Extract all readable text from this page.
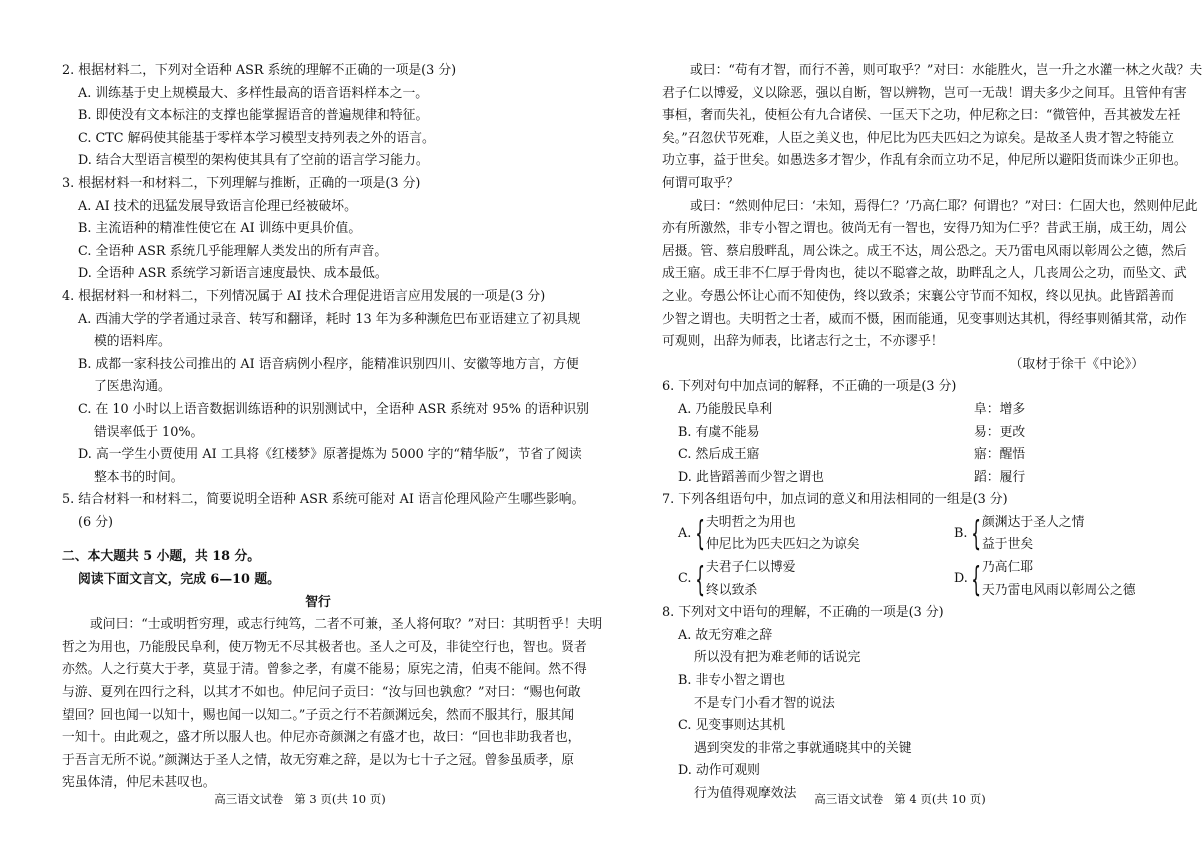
2. 根据材料二，下列对全语种 ASR 系统的理解不正确的一项是(3 分)
A. 训练基于史上规模最大、多样性最高的语音语料样本之一。
B. 即使没有文本标注的支撑也能掌握语音的普遍规律和特征。
C. CTC 解码使其能基于零样本学习模型支持列表之外的语言。
D. 结合大型语言模型的架构使其具有了空前的语言学习能力。
3. 根据材料一和材料二，下列理解与推断，正确的一项是(3 分)
A. AI 技术的迅猛发展导致语言伦理已经被破坏。
B. 主流语种的精准性使它在 AI 训练中更具价值。
C. 全语种 ASR 系统几乎能理解人类发出的所有声音。
D. 全语种 ASR 系统学习新语言速度最快、成本最低。
4. 根据材料一和材料二，下列情况属于 AI 技术合理促进语言应用发展的一项是(3 分)
A. 西浦大学的学者通过录音、转写和翻译，耗时 13 年为多种濒危巴布亚语建立了初具规
模的语料库。
B. 成都一家科技公司推出的 AI 语音病例小程序，能精准识别四川、安徽等地方言，方便
了医患沟通。
C. 在 10 小时以上语音数据训练语种的识别测试中，全语种 ASR 系统对 95% 的语种识别
错误率低于 10%。
D. 高一学生小贾使用 AI 工具将《红楼梦》原著提炼为 5000 字的“精华版”，节省了阅读
整本书的时间。
5. 结合材料一和材料二，简要说明全语种 ASR 系统可能对 AI 语言伦理风险产生哪些影响。
(6 分)
二、本大题共 5 小题，共 18 分。
阅读下面文言文，完成 6—10 题。
智行
或问曰：“士或明哲穷理，或志行纯笃，二者不可兼，圣人将何取？”对曰：其明哲乎！夫明
哲之为用也，乃能殷民阜利，使万物无不尽其极者也。圣人之可及，非徒空行也，智也。贤者
亦然。人之行莫大于孝，莫显于清。曾参之孝，有虞不能易；原宪之清，伯夷不能间。然不得
与游、夏列在四行之科，以其才不如也。仲尼问子贡曰：“汝与回也孰愈？”对曰：“赐也何敢
望回？回也闻一以知十，赐也闻一以知二。”子贡之行不若颜渊远矣，然而不服其行，服其闻
一知十。由此观之，盛才所以服人也。仲尼亦奇颜渊之有盛才也，故曰：“回也非助我者也，
于吾言无所不说。”颜渊达于圣人之情，故无穷难之辞，是以为七十子之冠。曾参虽质孝，原
宪虽体清，仲尼未甚叹也。
高三语文试卷   第 3 页(共 10 页)
或曰：“苟有才智，而行不善，则可取乎？”对曰：水能胜火，岂一升之水灌一林之火哉？夫
君子仁以博爱，义以除恶，强以自断，智以辨物，岂可一无哉！谓夫多少之间耳。且管仲有害
事桓，奢而失礼，使桓公有九合诸侯、一匡天下之功，仲尼称之曰：“微管仲，吾其被发左衽
矣。”召忽伏节死难，人臣之美义也，仲尼比为匹夫匹妇之为谅矣。是故圣人贵才智之特能立
功立事，益于世矣。如愚迭多才智少，作乱有余而立功不足，仲尼所以避阳货而诛少正卯也。
何谓可取乎？
或曰：“然则仲尼曰：‘未知，焉得仁？’乃高仁耶？何谓也？”对曰：仁固大也，然则仲尼此
亦有所激然，非专小智之谓也。彼尚无有一智也，安得乃知为仁乎？昔武王崩，成王幼，周公
居摄。管、蔡启殷畔乱，周公诛之。成王不达，周公恐之。天乃雷电风雨以彰周公之德，然后
成王寤。成王非不仁厚于骨肉也，徒以不聪睿之故，助畔乱之人，几丧周公之功，而坠文、武
之业。夸愚公怀让心而不知使伪，终以致杀；宋襄公守节而不知权，终以见执。此皆蹈善而
少智之谓也。夫明哲之士者，威而不慑，困而能通，见变事则达其机，得经事则循其常，动作
可观则，出辞为师表，比诸志行之士，不亦谬乎！
（取材于徐干《中论》）
6. 下列对句中加点词的解释，不正确的一项是(3 分)
A. 乃能殷民阜利	阜：增多
B. 有虞不能易	易：更改
C. 然后成王寤	寤：醒悟
D. 此皆蹈善而少智之谓也	蹈：履行
7. 下列各组语句中，加点词的意义和用法相同的一组是(3 分)
A. { 夫明哲之为用也
仲尼比为匹夫匹妇之为谅矣
B. { 颜渊达于圣人之情
益于世矣
C. { 夫君子仁以博爱
终以致杀
D. { 乃高仁耶
天乃雷电风雨以彰周公之德
8. 下列对文中语句的理解，不正确的一项是(3 分)
A. 故无穷难之辞
所以没有把为难老师的话说完
B. 非专小智之谓也
不是专门小看才智的说法
C. 见变事则达其机
遇到突发的非常之事就通晓其中的关键
D. 动作可观则
行为值得观摩效法	高三语文试卷   第 4 页(共 10 页)
